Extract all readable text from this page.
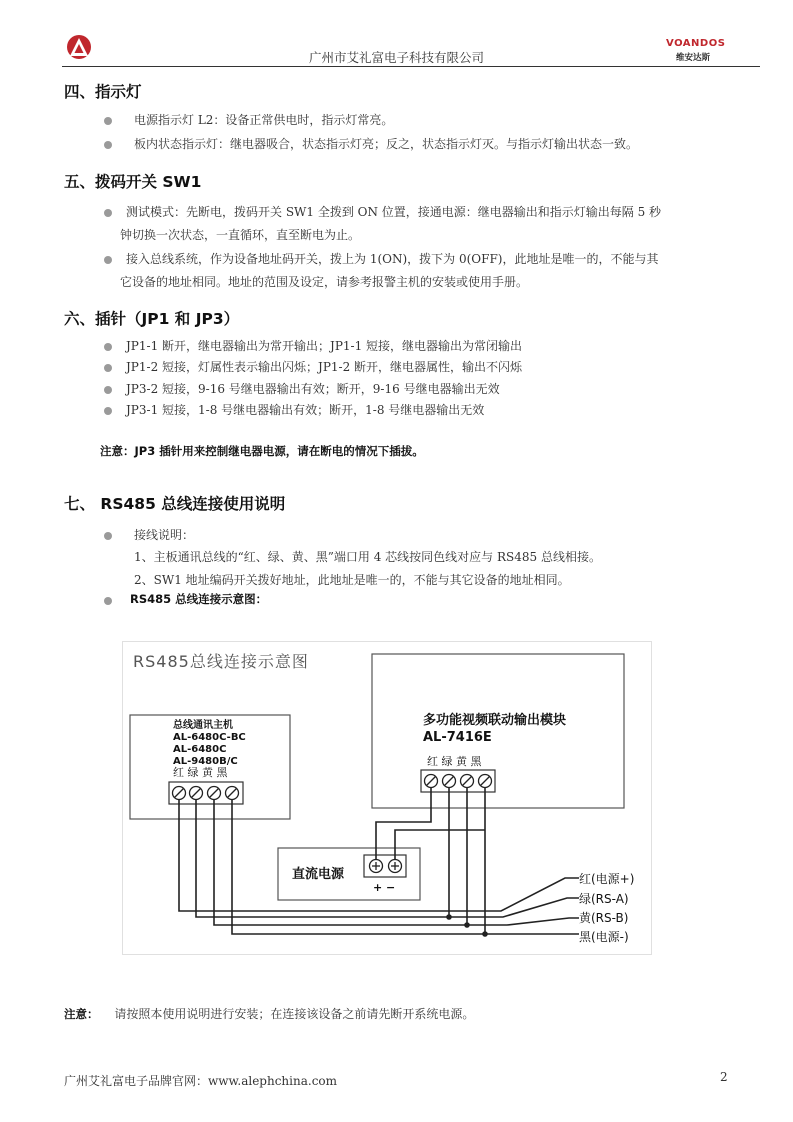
广州市艾礼富电子科技有限公司
VOANDOS
维安达斯
四、指示灯
电源指示灯 L2：设备正常供电时，指示灯常亮。
板内状态指示灯：继电器吸合，状态指示灯亮；反之，状态指示灯灭。与指示灯输出状态一致。
五、拨码开关 SW1
测试模式：先断电，拨码开关 SW1 全拨到 ON 位置，接通电源：继电器输出和指示灯输出每隔 5 秒
钟切换一次状态，一直循环，直至断电为止。
接入总线系统，作为设备地址码开关，拨上为 1(ON)，拨下为 0(OFF)，此地址是唯一的，不能与其
它设备的地址相同。地址的范围及设定，请参考报警主机的安装或使用手册。
六、插针（JP1 和 JP3）
JP1-1 断开，继电器输出为常开输出；JP1-1 短接，继电器输出为常闭输出
JP1-2 短接，灯属性表示输出闪烁；JP1-2 断开，继电器属性，输出不闪烁
JP3-2 短接，9-16 号继电器输出有效；断开，9-16 号继电器输出无效
JP3-1 短接，1-8 号继电器输出有效；断开，1-8 号继电器输出无效
注意：JP3 插针用来控制继电器电源，请在断电的情况下插拔。
七、 RS485 总线连接使用说明
接线说明：
1、主板通讯总线的“红、绿、黄、黑”端口用 4 芯线按同色线对应与 RS485 总线相接。
2、SW1 地址编码开关拨好地址，此地址是唯一的，不能与其它设备的地址相同。
RS485 总线连接示意图：
RS485总线连接示意图
总线通讯主机
AL-6480C-BC
AL-6480C
AL-9480B/C
红 绿 黄 黑
多功能视频联动输出模块
AL-7416E
红 绿 黄 黑
直流电源
+ −
红(电源+)
绿(RS-A)
黄(RS-B)
黑(电源-)
注意： 请按照本使用说明进行安装；在连接该设备之前请先断开系统电源。
广州艾礼富电子品牌官网：www.alephchina.com	2
